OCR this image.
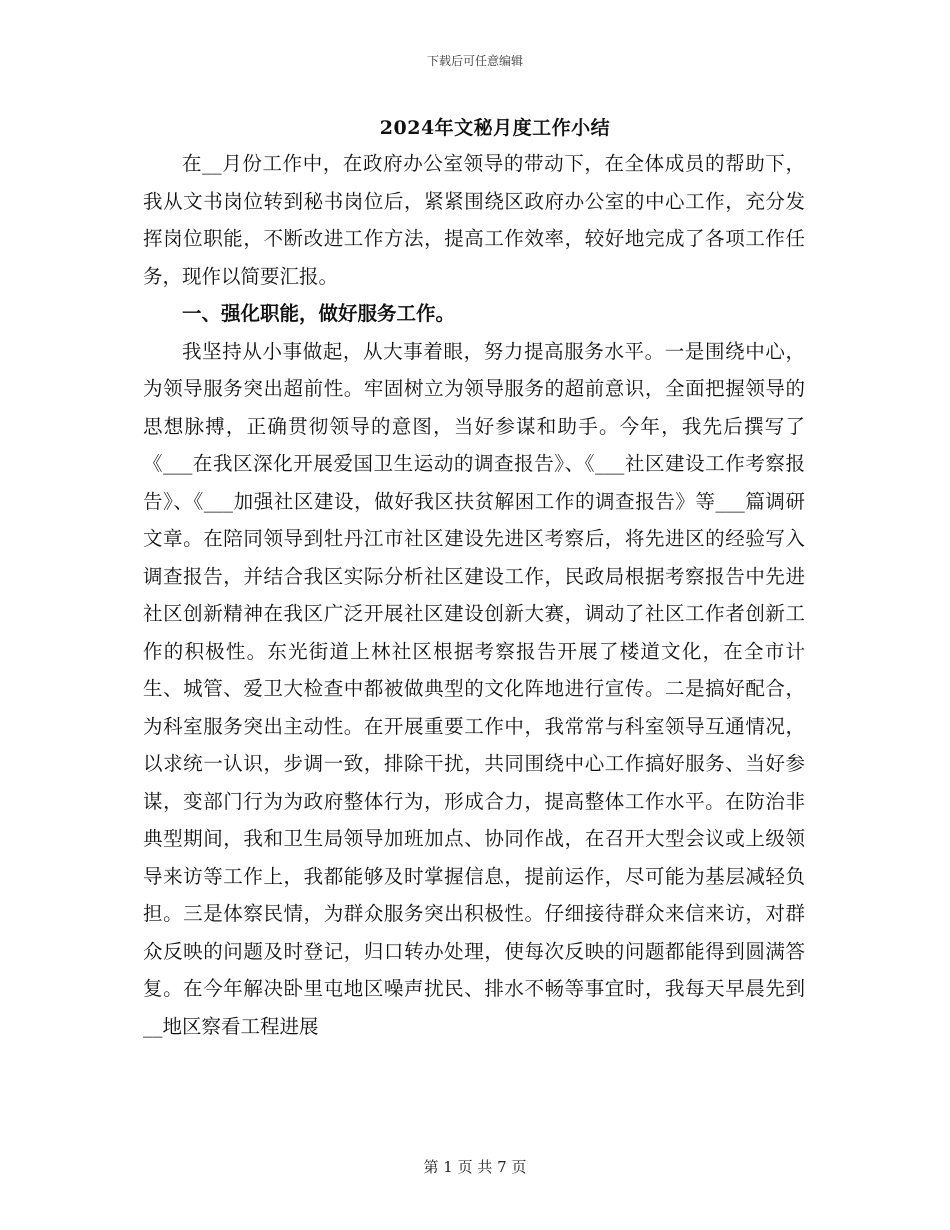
下载后可任意编辑
2024年文秘月度工作小结

在__月份工作中，在政府办公室领导的带动下，在全体成员的帮助下，我从文书岗位转到秘书岗位后，紧紧围绕区政府办公室的中心工作，充分发挥岗位职能，不断改进工作方法，提高工作效率，较好地完成了各项工作任务，现作以简要汇报。

一、强化职能，做好服务工作。

我坚持从小事做起，从大事着眼，努力提高服务水平。一是围绕中心，为领导服务突出超前性。牢固树立为领导服务的超前意识，全面把握领导的思想脉搏，正确贯彻领导的意图，当好参谋和助手。今年，我先后撰写了《___在我区深化开展爱国卫生运动的调查报告》、《___社区建设工作考察报告》、《___加强社区建设，做好我区扶贫解困工作的调查报告》等___篇调研文章。在陪同领导到牡丹江市社区建设先进区考察后，将先进区的经验写入调查报告，并结合我区实际分析社区建设工作，民政局根据考察报告中先进社区创新精神在我区广泛开展社区建设创新大赛，调动了社区工作者创新工作的积极性。东光街道上林社区根据考察报告开展了楼道文化，在全市计生、城管、爱卫大检查中都被做典型的文化阵地进行宣传。二是搞好配合，为科室服务突出主动性。在开展重要工作中，我常常与科室领导互通情况，以求统一认识，步调一致，排除干扰，共同围绕中心工作搞好服务、当好参谋，变部门行为为政府整体行为，形成合力，提高整体工作水平。在防治非典型期间，我和卫生局领导加班加点、协同作战，在召开大型会议或上级领导来访等工作上，我都能够及时掌握信息，提前运作，尽可能为基层减轻负担。三是体察民情，为群众服务突出积极性。仔细接待群众来信来访，对群众反映的问题及时登记，归口转办处理，使每次反映的问题都能得到圆满答复。在今年解决卧里屯地区噪声扰民、排水不畅等事宜时，我每天早晨先到__地区察看工程进展

第 1 页 共 7 页
